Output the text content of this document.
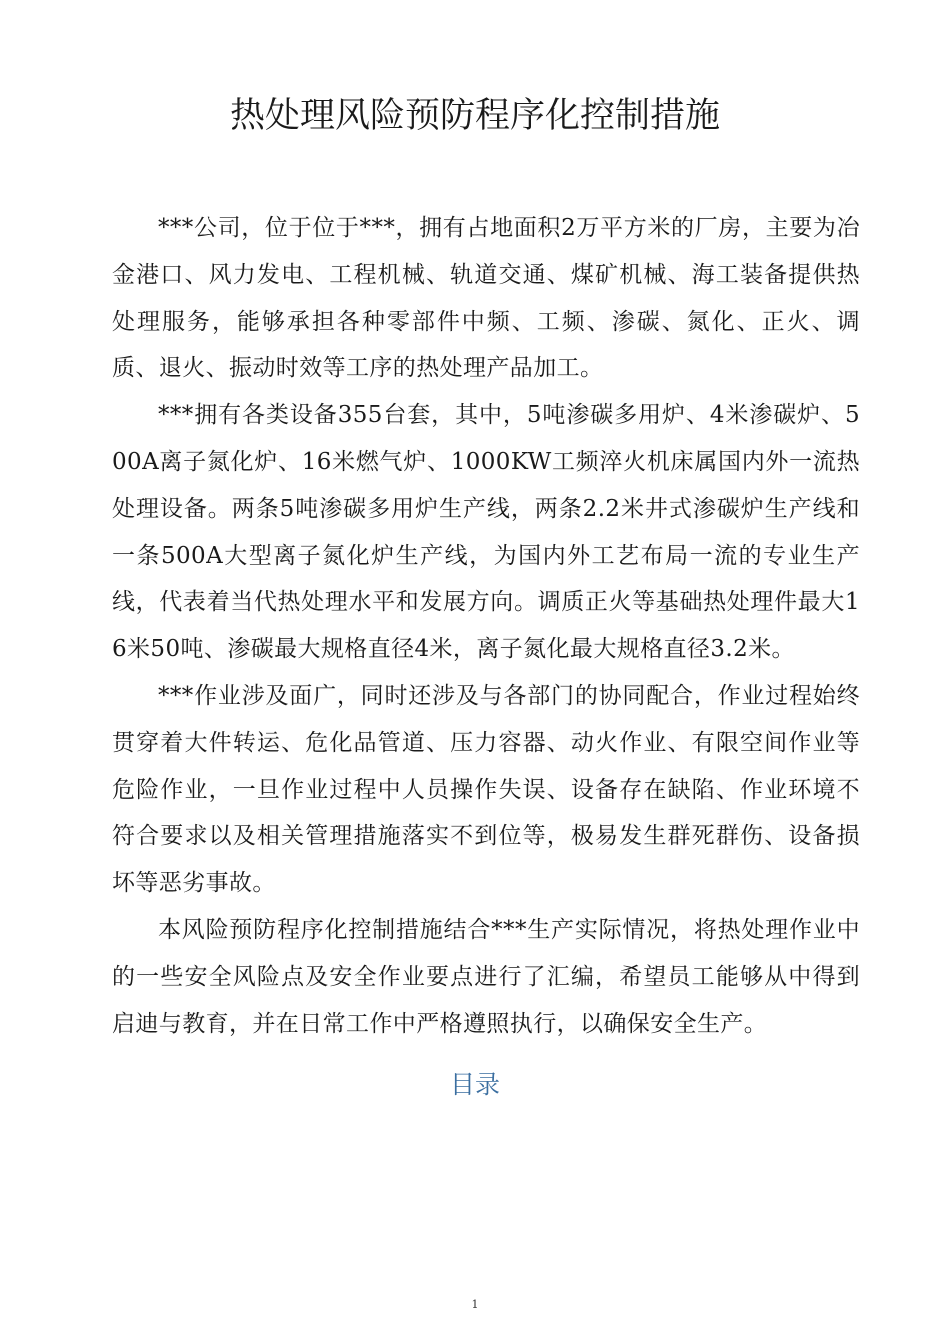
热处理风险预防程序化控制措施

***公司，位于位于***，拥有占地面积2万平方米的厂房，主要为冶金港口、风力发电、工程机械、轨道交通、煤矿机械、海工装备提供热处理服务，能够承担各种零部件中频、工频、渗碳、氮化、正火、调质、退火、振动时效等工序的热处理产品加工。

***拥有各类设备355台套，其中，5吨渗碳多用炉、4米渗碳炉、500A离子氮化炉、16米燃气炉、1000KW工频淬火机床属国内外一流热处理设备。两条5吨渗碳多用炉生产线，两条2.2米井式渗碳炉生产线和一条500A大型离子氮化炉生产线，为国内外工艺布局一流的专业生产线，代表着当代热处理水平和发展方向。调质正火等基础热处理件最大16米50吨、渗碳最大规格直径4米，离子氮化最大规格直径3.2米。

***作业涉及面广，同时还涉及与各部门的协同配合，作业过程始终贯穿着大件转运、危化品管道、压力容器、动火作业、有限空间作业等危险作业，一旦作业过程中人员操作失误、设备存在缺陷、作业环境不符合要求以及相关管理措施落实不到位等，极易发生群死群伤、设备损坏等恶劣事故。

本风险预防程序化控制措施结合***生产实际情况，将热处理作业中的一些安全风险点及安全作业要点进行了汇编，希望员工能够从中得到启迪与教育，并在日常工作中严格遵照执行，以确保安全生产。

目录
1
